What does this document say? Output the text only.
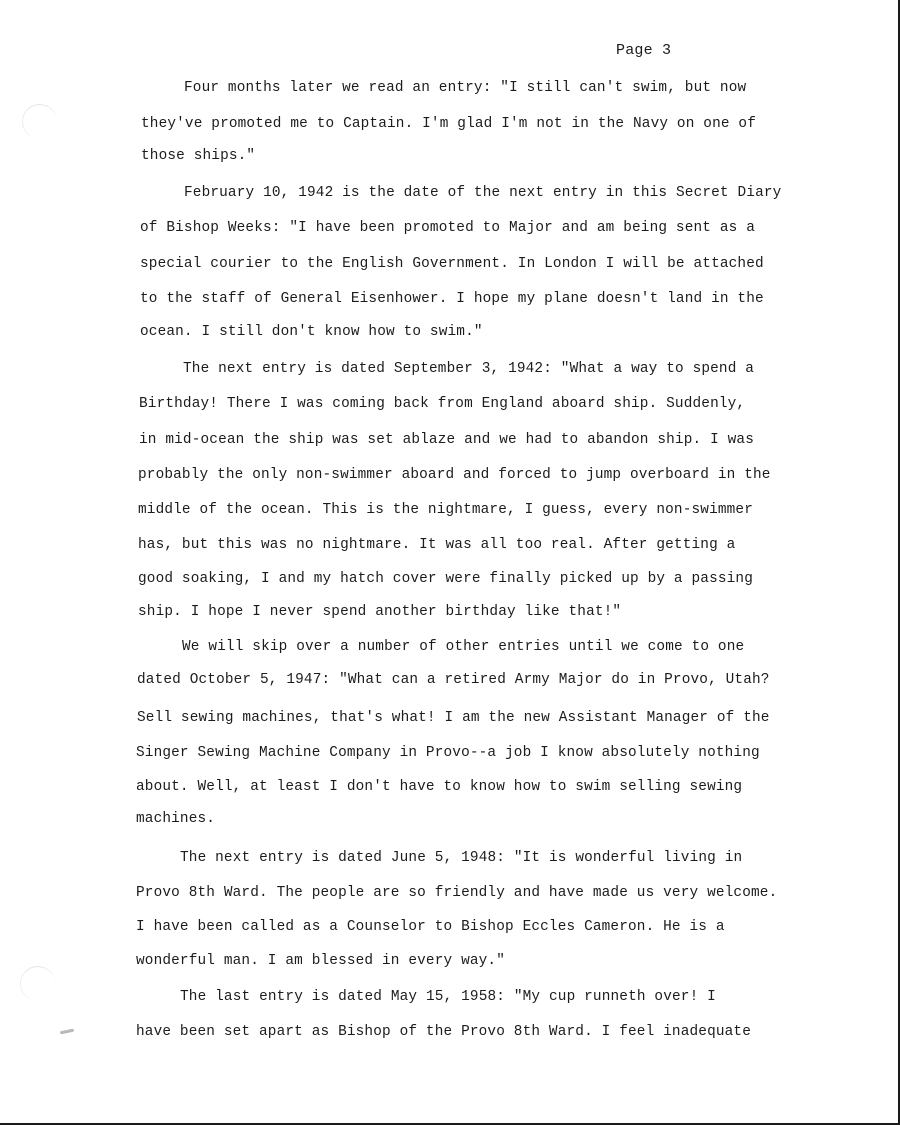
Page 3
Four months later we read an entry: "I still can't swim, but now
they've promoted me to Captain. I'm glad I'm not in the Navy on one of
those ships."
February 10, 1942 is the date of the next entry in this Secret Diary
of Bishop Weeks: "I have been promoted to Major and am being sent as a
special courier to the English Government. In London I will be attached
to the staff of General Eisenhower. I hope my plane doesn't land in the
ocean. I still don't know how to swim."
The next entry is dated September 3, 1942: "What a way to spend a
Birthday! There I was coming back from England aboard ship. Suddenly,
in mid-ocean the ship was set ablaze and we had to abandon ship. I was
probably the only non-swimmer aboard and forced to jump overboard in the
middle of the ocean. This is the nightmare, I guess, every non-swimmer
has, but this was no nightmare. It was all too real. After getting a
good soaking, I and my hatch cover were finally picked up by a passing
ship. I hope I never spend another birthday like that!"
We will skip over a number of other entries until we come to one
dated October 5, 1947: "What can a retired Army Major do in Provo, Utah?
Sell sewing machines, that's what! I am the new Assistant Manager of the
Singer Sewing Machine Company in Provo--a job I know absolutely nothing
about. Well, at least I don't have to know how to swim selling sewing
machines.
The next entry is dated June 5, 1948: "It is wonderful living in
Provo 8th Ward. The people are so friendly and have made us very welcome.
I have been called as a Counselor to Bishop Eccles Cameron. He is a
wonderful man. I am blessed in every way."
The last entry is dated May 15, 1958: "My cup runneth over! I
have been set apart as Bishop of the Provo 8th Ward. I feel inadequate
